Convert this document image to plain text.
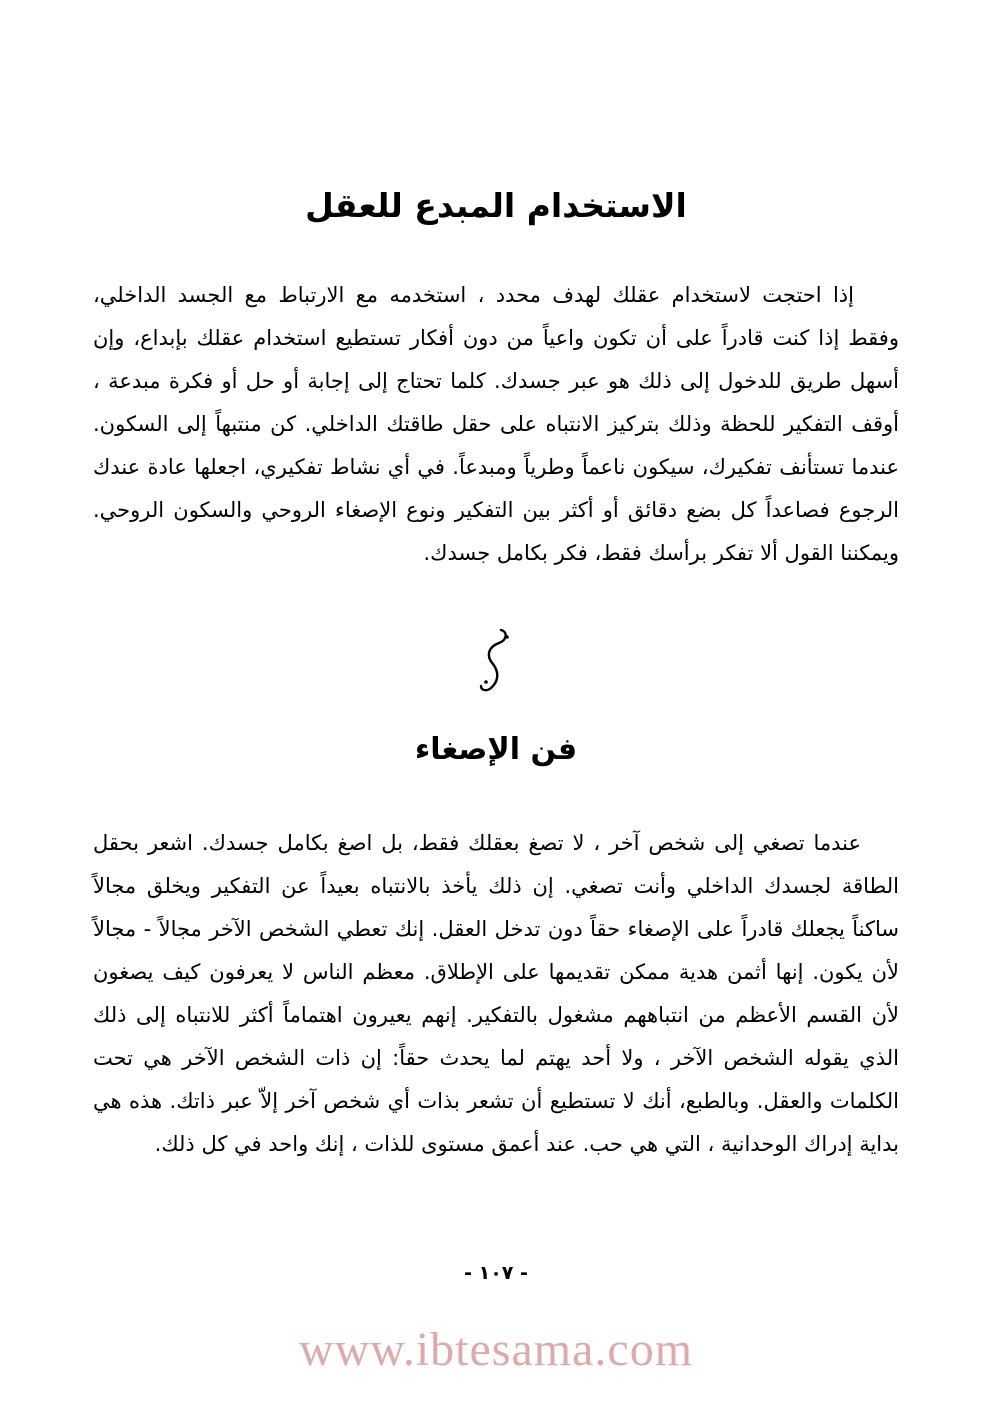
الاستخدام المبدع للعقل

إذا احتجت لاستخدام عقلك لهدف محدد ، استخدمه مع الارتباط مع الجسد الداخلي، وفقط إذا كنت قادراً على أن تكون واعياً من دون أفكار تستطيع استخدام عقلك بإبداع، وإن أسهل طريق للدخول إلى ذلك هو عبر جسدك. كلما تحتاج إلى إجابة أو حل أو فكرة مبدعة ، أوقف التفكير للحظة وذلك بتركيز الانتباه على حقل طاقتك الداخلي. كن منتبهاً إلى السكون. عندما تستأنف تفكيرك، سيكون ناعماً وطرياً ومبدعاً. في أي نشاط تفكيري، اجعلها عادة عندك الرجوع فصاعداً كل بضع دقائق أو أكثر بين التفكير ونوع الإصغاء الروحي والسكون الروحي. ويمكننا القول ألا تفكر برأسك فقط، فكر بكامل جسدك.

فن الإصغاء

عندما تصغي إلى شخص آخر ، لا تصغ بعقلك فقط، بل اصغ بكامل جسدك. اشعر بحقل الطاقة لجسدك الداخلي وأنت تصغي. إن ذلك يأخذ بالانتباه بعيداً عن التفكير ويخلق مجالاً ساكناً يجعلك قادراً على الإصغاء حقاً دون تدخل العقل. إنك تعطي الشخص الآخر مجالاً - مجالاً لأن يكون. إنها أثمن هدية ممكن تقديمها على الإطلاق. معظم الناس لا يعرفون كيف يصغون لأن القسم الأعظم من انتباههم مشغول بالتفكير. إنهم يعيرون اهتماماً أكثر للانتباه إلى ذلك الذي يقوله الشخص الآخر ، ولا أحد يهتم لما يحدث حقاً: إن ذات الشخص الآخر هي تحت الكلمات والعقل. وبالطبع، أنك لا تستطيع أن تشعر بذات أي شخص آخر إلاّ عبر ذاتك. هذه هي بداية إدراك الوحدانية ، التي هي حب. عند أعمق مستوى للذات ، إنك واحد في كل ذلك.

- ١٠٧ -
www.ibtesama.com
